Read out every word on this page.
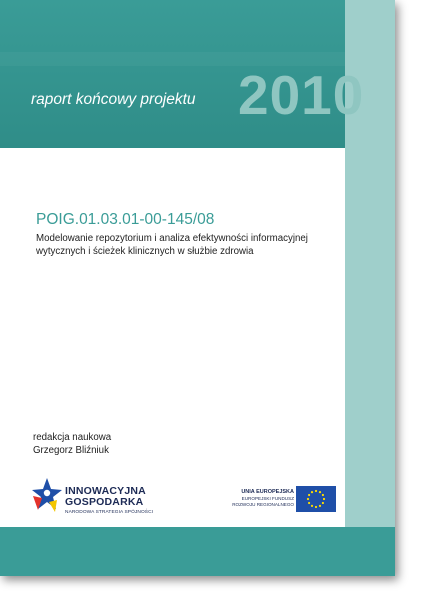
raport końcowy projektu 2010
POIG.01.03.01-00-145/08
Modelowanie repozytorium i analiza efektywności informacyjnej
wytycznych i ścieżek klinicznych w służbie zdrowia
redakcja naukowa
Grzegorz Bliźniuk
INNOWACYJNA
GOSPODARKA
NARODOWA STRATEGIA SPÓJNOŚCI
UNIA EUROPEJSKA
EUROPEJSKI FUNDUSZ
ROZWOJU REGIONALNEGO
